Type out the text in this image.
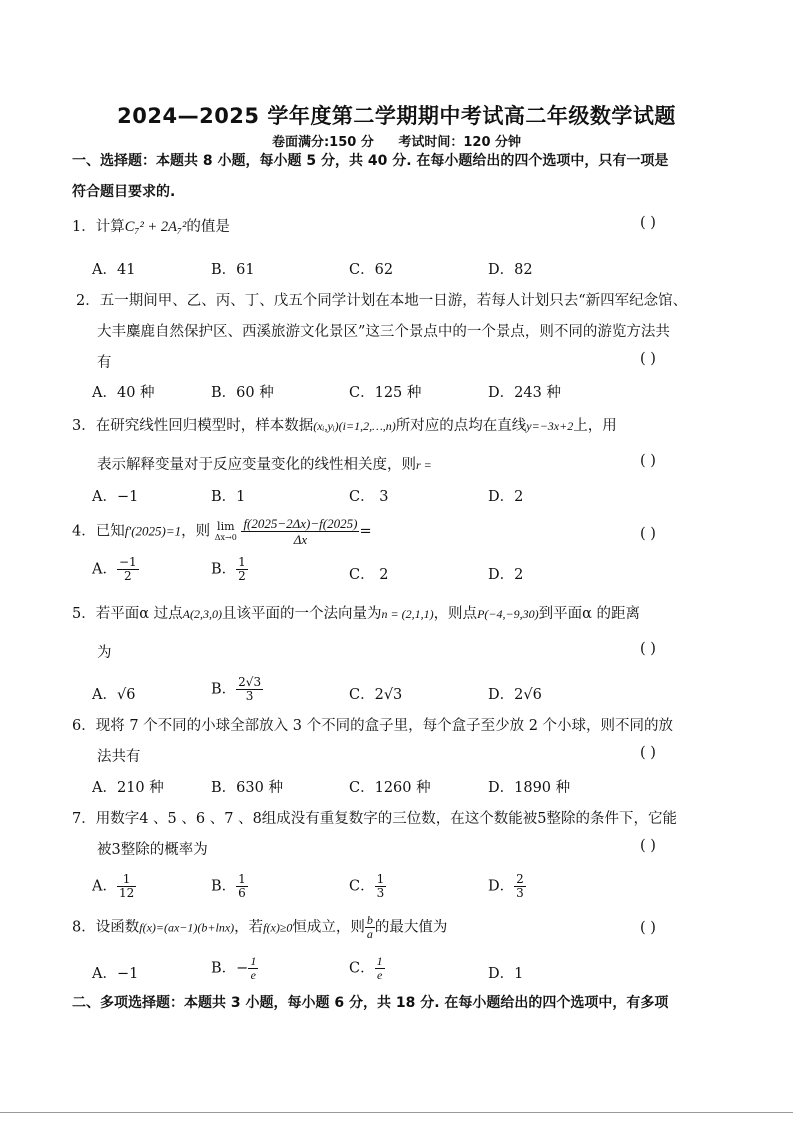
2024—2025 学年度第二学期期中考试高二年级数学试题
卷面满分:150 分 考试时间：120 分钟
一、选择题：本题共 8 小题，每小题 5 分，共 40 分. 在每小题给出的四个选项中，只有一项是
符合题目要求的.
1．计算C₇² + 2A₇²的值是	( )
A．41	B．61	C．62	D．82
2．五一期间甲、乙、丙、丁、戊五个同学计划在本地一日游，若每人计划只去“新四军纪念馆、
大丰麋鹿自然保护区、西溪旅游文化景区”这三个景点中的一个景点，则不同的游览方法共
有	( )
A．40 种	B．60 种	C．125 种	D．243 种
3．在研究线性回归模型时，样本数据(xᵢ,yᵢ)(i=1,2,…,n)所对应的点均在直线y=−3x+2上，用
表示解释变量对于反应变量变化的线性相关度，则r =	( )
A．−1	B．1	C． 3	D．2
4．已知f′(2025)=1，则 lim
Δx→0
$\frac{f(2025-2\Delta x)-f(2025)}{\Delta x}$ =	( )
A． $\frac{-1}{2}$	B． $\frac{1}{2}$	C． 2	D．2
5．若平面α 过点A(2,3,0)且该平面的一个法向量为n = (2,1,1)，则点P(−4,−9,30)到平面α 的距离
为	( )
A．√6	B． $\frac{2√3}{3}$	C．2√3	D．2√6
6．现将 7 个不同的小球全部放入 3 个不同的盒子里，每个盒子至少放 2 个小球，则不同的放
法共有	( )
A．210 种	B．630 种	C．1260 种	D．1890 种
7．用数字4 、5 、6 、7 、8组成没有重复数字的三位数，在这个数能被5整除的条件下，它能
被3整除的概率为	( )
A． $\frac{1}{12}$	B． $\frac{1}{6}$	C． $\frac{1}{3}$	D． $\frac{2}{3}$
8．设函数f(x)=(ax−1)(b+lnx)，若f(x)≥0恒成立，则 $\frac{b}{a}$ 的最大值为	( )
A．−1	B．− $\frac{1}{e}$	C． $\frac{1}{e}$	D．1
二、多项选择题：本题共 3 小题，每小题 6 分，共 18 分. 在每小题给出的四个选项中，有多项
